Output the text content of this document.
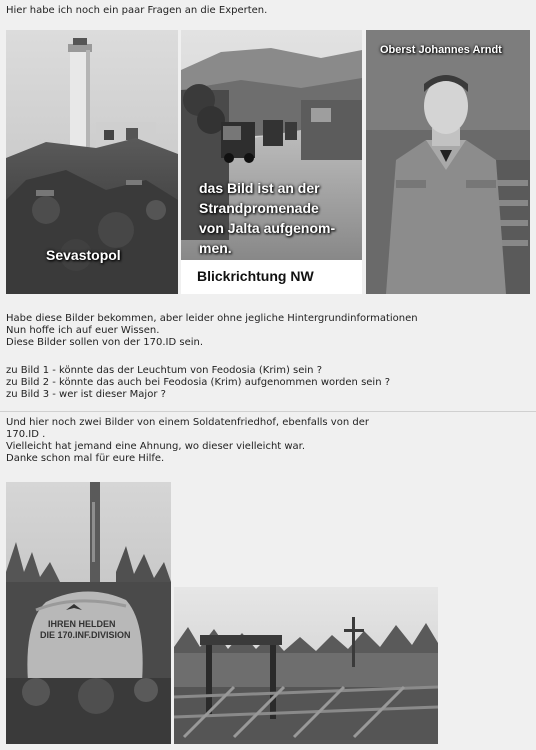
Hier habe ich noch ein paar Fragen an die Experten.
Sevastopol
das Bild ist an der
Strandpromenade
von Jalta aufgenom-
men.
Blickrichtung NW
Oberst Johannes Arndt
Habe diese Bilder bekommen, aber leider ohne jegliche Hintergrundinformationen
Nun hoffe ich auf euer Wissen.
Diese Bilder sollen von der 170.ID sein.
zu Bild 1 - könnte das der Leuchtum von Feodosia (Krim) sein ?
zu Bild 2 - könnte das auch bei Feodosia (Krim) aufgenommen worden sein ?
zu Bild 3 - wer ist dieser Major ?
Und hier noch zwei Bilder von einem Soldatenfriedhof, ebenfalls von der
170.ID .
Vielleicht hat jemand eine Ahnung, wo dieser vielleicht war.
Danke schon mal für eure Hilfe.
IHREN HELDEN
DIE 170.INF.DIVISION
